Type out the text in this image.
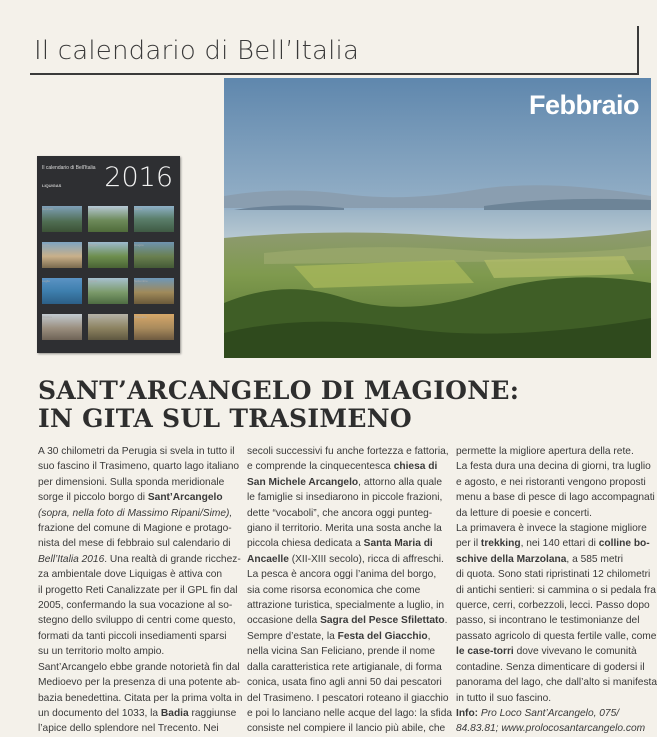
Il calendario di Bell’Italia
Il calendario di Bell'Italia
LIQUIGAS 2016
Gennaio	Febbraio	Marzo
Aprile	Maggio	Giugno
Luglio	Agosto	Settembre
Ottobre	Novembre	Dicembre
Febbraio
SANT’ARCANGELO DI MAGIONE:
IN GITA SUL TRASIMENO

A 30 chilometri da Perugia si svela in tutto il

suo fascino il Trasimeno, quarto lago italiano

per dimensioni. Sulla sponda meridionale

sorge il piccolo borgo di Sant’Arcangelo

(sopra, nella foto di Massimo Ripani/Sime),

frazione del comune di Magione e protago-

nista del mese di febbraio sul calendario di

Bell’Italia 2016. Una realtà di grande ricchez-

za ambientale dove Liquigas è attiva con

il progetto Reti Canalizzate per il GPL fin dal

2005, confermando la sua vocazione al so-

stegno dello sviluppo di centri come questo,

formati da tanti piccoli insediamenti sparsi

su un territorio molto ampio.

Sant’Arcangelo ebbe grande notorietà fin dal

Medioevo per la presenza di una potente ab-

bazia benedettina. Citata per la prima volta in

un documento del 1033, la Badia raggiunse

l’apice dello splendore nel Trecento. Nei

secoli successivi fu anche fortezza e fattoria,

e comprende la cinquecentesca chiesa di

San Michele Arcangelo, attorno alla quale

le famiglie si insediarono in piccole frazioni,

dette “vocaboli”, che ancora oggi punteg-

giano il territorio. Merita una sosta anche la

piccola chiesa dedicata a Santa Maria di

Ancaelle (XII-XIII secolo), ricca di affreschi.

La pesca è ancora oggi l’anima del borgo,

sia come risorsa economica che come

attrazione turistica, specialmente a luglio, in

occasione della Sagra del Pesce Sfilettato.

Sempre d’estate, la Festa del Giacchio,

nella vicina San Feliciano, prende il nome

dalla caratteristica rete artigianale, di forma

conica, usata fino agli anni 50 dai pescatori

del Trasimeno. I pescatori roteano il giacchio

e poi lo lanciano nelle acque del lago: la sfida

consiste nel compiere il lancio più abile, che

permette la migliore apertura della rete.

La festa dura una decina di giorni, tra luglio

e agosto, e nei ristoranti vengono proposti

menu a base di pesce di lago accompagnati

da letture di poesie e concerti.

La primavera è invece la stagione migliore

per il trekking, nei 140 ettari di colline bo-

schive della Marzolana, a 585 metri

di quota. Sono stati ripristinati 12 chilometri

di antichi sentieri: si cammina o si pedala fra

querce, cerri, corbezzoli, lecci. Passo dopo

passo, si incontrano le testimonianze del

passato agricolo di questa fertile valle, come

le case-torri dove vivevano le comunità

contadine. Senza dimenticare di godersi il

panorama del lago, che dall’alto si manifesta

in tutto il suo fascino.

Info: Pro Loco Sant’Arcangelo, 075/

84.83.81; www.prolocosantarcangelo.com
